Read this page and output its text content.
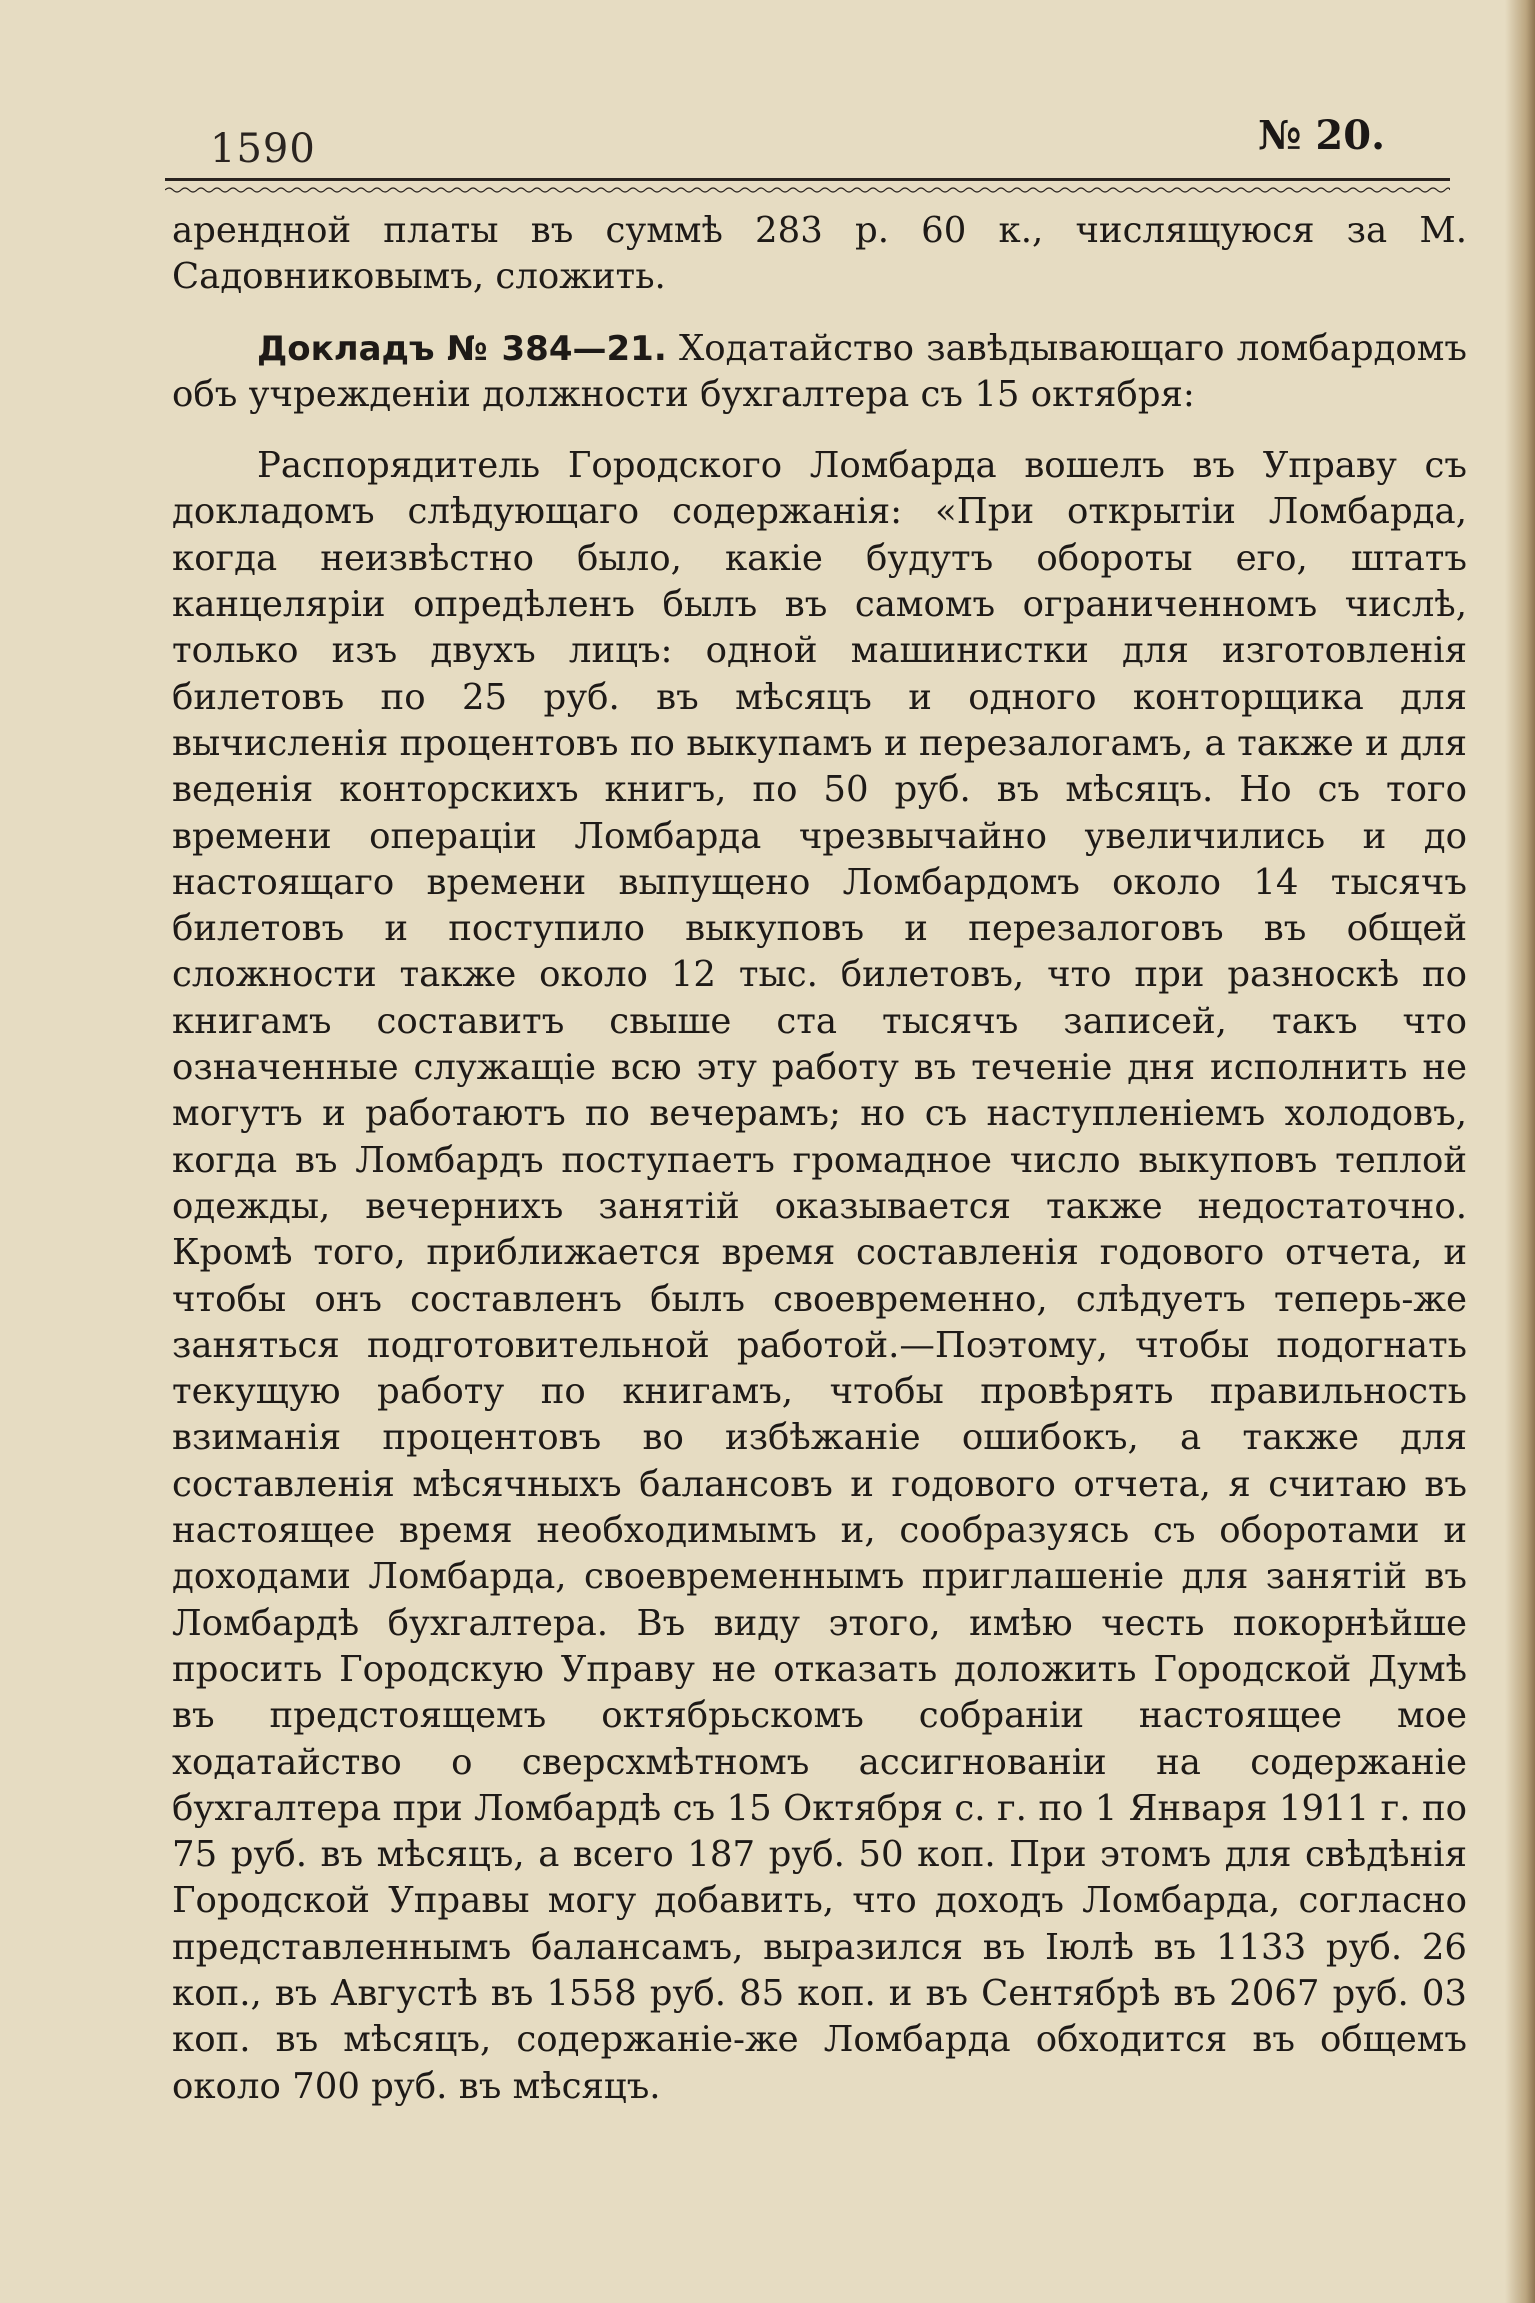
1590	№ 20.

арендной платы въ суммѣ 283 р. 60 к., числящуюся за М. Садовниковымъ, сложить.

Докладъ № 384—21. Ходатайство завѣдывающаго ломбардомъ объ учрежденіи должности бухгалтера съ 15 октября:

Распорядитель Городского Ломбарда вошелъ въ Управу съ докладомъ слѣдующаго содержанія: «При открытіи Ломбарда, когда неизвѣстно было, какіе будутъ обороты его, штатъ канцеляріи опредѣленъ былъ въ самомъ ограниченномъ числѣ, только изъ двухъ лицъ: одной машинистки для изготовленія билетовъ по 25 руб. въ мѣсяцъ и одного конторщика для вычисленія процентовъ по выкупамъ и перезалогамъ, а также и для веденія конторскихъ книгъ, по 50 руб. въ мѣсяцъ. Но съ того времени операціи Ломбарда чрезвычайно увеличились и до настоящаго времени выпущено Ломбардомъ около 14 тысячъ билетовъ и поступило выкуповъ и перезалоговъ въ общей сложности также около 12 тыс. билетовъ, что при разноскѣ по книгамъ составитъ свыше ста тысячъ записей, такъ что означенные служащіе всю эту работу въ теченіе дня исполнить не могутъ и работаютъ по вечерамъ; но съ наступленіемъ холодовъ, когда въ Ломбардъ поступаетъ громадное число выкуповъ теплой одежды, вечернихъ занятій оказывается также недостаточно. Кромѣ того, приближается время составленія годового отчета, и чтобы онъ составленъ былъ своевременно, слѣдуетъ теперь-же заняться подготовительной работой.—Поэтому, чтобы подогнать текущую работу по книгамъ, чтобы провѣрять правильность взиманія процентовъ во избѣжаніе ошибокъ, а также для составленія мѣсячныхъ балансовъ и годового отчета, я считаю въ настоящее время необходимымъ и, сообразуясь съ оборотами и доходами Ломбарда, своевременнымъ приглашеніе для занятій въ Ломбардѣ бухгалтера. Въ виду этого, имѣю честь покорнѣйше просить Городскую Управу не отказать доложить Городской Думѣ въ предстоящемъ октябрьскомъ собраніи настоящее мое ходатайство о сверсхмѣтномъ ассигнованіи на содержаніе бухгалтера при Ломбардѣ съ 15 Октября с. г. по 1 Января 1911 г. по 75 руб. въ мѣсяцъ, а всего 187 руб. 50 коп. При этомъ для свѣдѣнія Городской Управы могу добавить, что доходъ Ломбарда, согласно представленнымъ балансамъ, выразился въ Іюлѣ въ 1133 руб. 26 коп., въ Августѣ въ 1558 руб. 85 коп. и въ Сентябрѣ въ 2067 руб. 03 коп. въ мѣсяцъ, содержаніе-же Ломбарда обходится въ общемъ около 700 руб. въ мѣсяцъ.
